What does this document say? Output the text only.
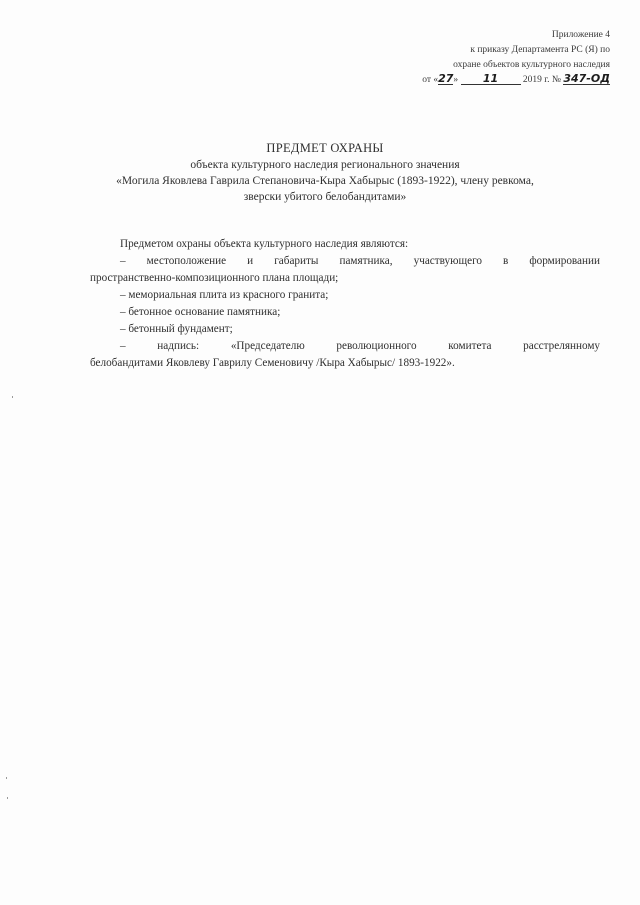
Приложение 4
к приказу Департамента РС (Я) по
охране объектов культурного наследия
от «27» 11	2019 г. № 347-ОД
ПРЕДМЕТ ОХРАНЫ
объекта культурного наследия регионального значения
«Могила Яковлева Гаврила Степановича-Кыра Хабырыс (1893-1922), члену ревкома,
зверски убитого белобандитами»
Предметом охраны объекта культурного наследия являются:
– местоположение и габариты памятника, участвующего в формировании
пространственно-композиционного плана площади;
– мемориальная плита из красного гранита;
– бетонное основание памятника;
– бетонный фундамент;
– надпись: «Председателю революционного комитета расстрелянному
белобандитами Яковлеву Гаврилу Семеновичу /Кыра Хабырыс/ 1893-1922».
